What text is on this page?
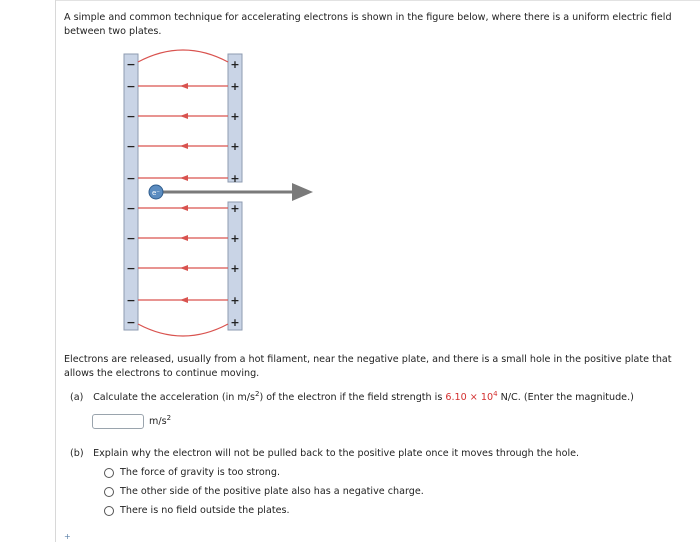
A simple and common technique for accelerating electrons is shown in the figure below, where there is a uniform electric field between two plates.
−
−
−
−
−
−
−
−
−
−
+
+
+
+
+
+
+
+
+
+
e⁻
Electrons are released, usually from a hot filament, near the negative plate, and there is a small hole in the positive plate that allows the electrons to continue moving.
(a) Calculate the acceleration (in $m/s^2$) of the electron if the field strength is $6.10 \times 10^4$ N/C. (Enter the magnitude.)
$m/s^2$
(b) Explain why the electron will not be pulled back to the positive plate once it moves through the hole.
The force of gravity is too strong.
The other side of the positive plate also has a negative charge.
There is no field outside the plates.
+
